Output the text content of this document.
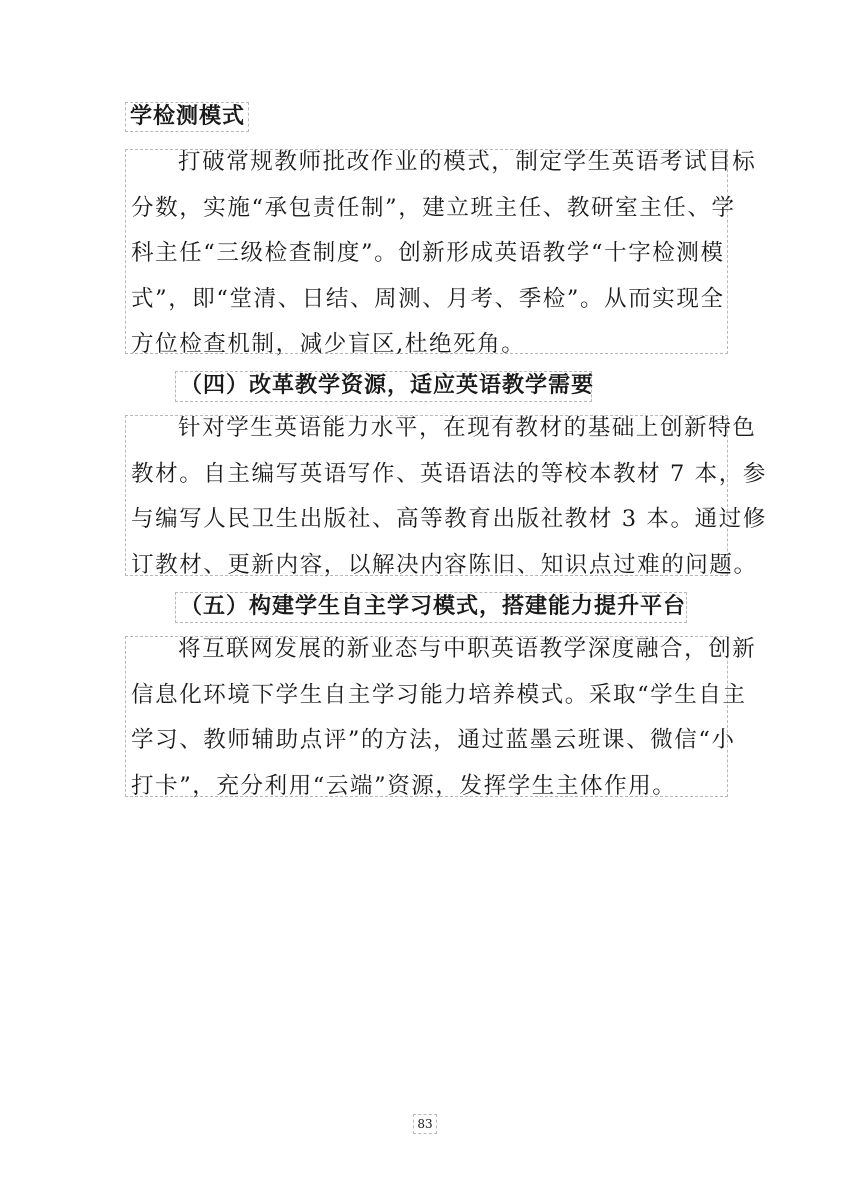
学检测模式
打破常规教师批改作业的模式，制定学生英语考试目标
分数，实施“承包责任制”，建立班主任、教研室主任、学
科主任“三级检查制度”。创新形成英语教学“十字检测模
式”，即“堂清、日结、周测、月考、季检”。从而实现全
方位检查机制，减少盲区,杜绝死角。
（四）改革教学资源，适应英语教学需要
针对学生英语能力水平，在现有教材的基础上创新特色
教材。自主编写英语写作、英语语法的等校本教材 7 本，参
与编写人民卫生出版社、高等教育出版社教材 3 本。通过修
订教材、更新内容，以解决内容陈旧、知识点过难的问题。
（五）构建学生自主学习模式，搭建能力提升平台
将互联网发展的新业态与中职英语教学深度融合，创新
信息化环境下学生自主学习能力培养模式。采取“学生自主
学习、教师辅助点评”的方法，通过蓝墨云班课、微信“小
打卡”，充分利用“云端”资源，发挥学生主体作用。
83
